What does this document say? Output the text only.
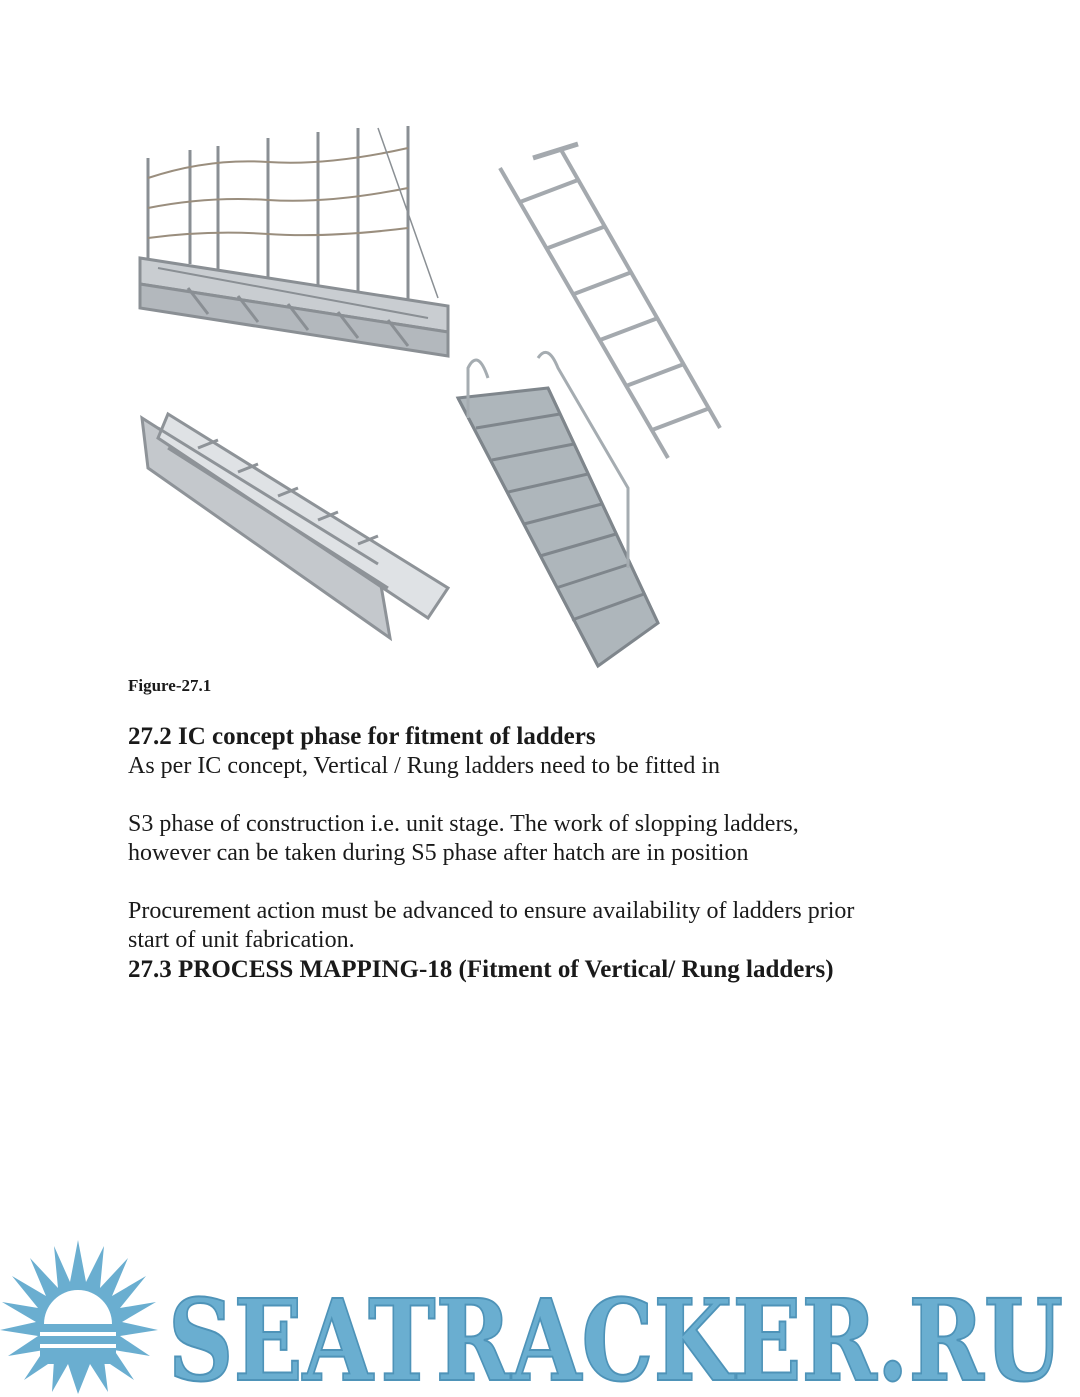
Figure-27.1
27.2 IC concept phase for fitment of ladders

As per IC concept, Vertical / Rung ladders need to be fitted in

S3 phase of construction i.e. unit stage. The work of slopping ladders,

however can be taken during S5 phase after hatch are in position

Procurement action must be advanced to ensure availability of ladders prior

start of unit fabrication.

27.3 PROCESS MAPPING-18 (Fitment of Vertical/ Rung ladders)
SEATRACKER.RU
